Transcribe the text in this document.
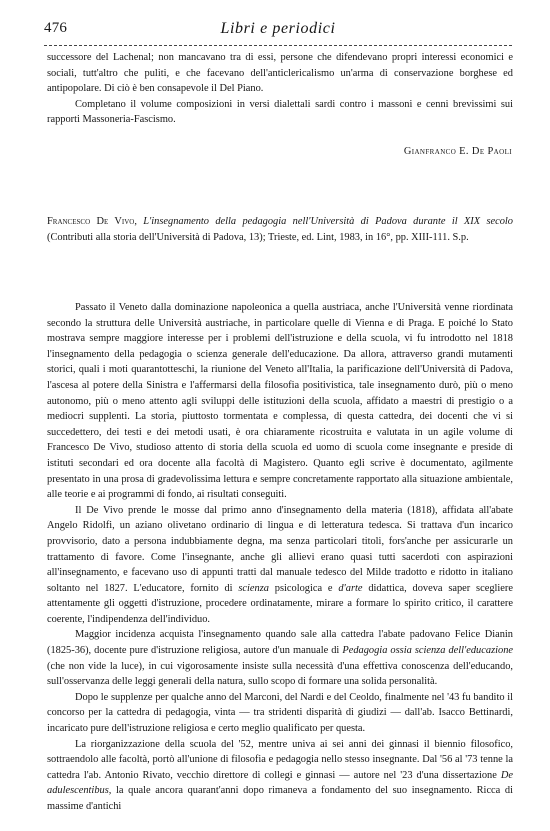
476	Libri e periodici

successore del Lachenal; non mancavano tra di essi, persone che difendevano propri interessi economici e sociali, tutt'altro che puliti, e che facevano dell'anticlericalismo un'arma di conservazione borghese ed antipopolare. Di ciò è ben consapevole il Del Piano.

Completano il volume composizioni in versi dialettali sardi contro i massoni e cenni brevissimi sui rapporti Massoneria-Fascismo.

Gianfranco E. De Paoli

Francesco De Vivo, L'insegnamento della pedagogia nell'Università di Padova durante il XIX secolo (Contributi alla storia dell'Università di Padova, 13); Trieste, ed. Lint, 1983, in 16°, pp. XIII-111. S.p.

Passato il Veneto dalla dominazione napoleonica a quella austriaca, anche l'Università venne riordinata secondo la struttura delle Università austriache, in particolare quelle di Vienna e di Praga. E poiché lo Stato mostrava sempre maggiore interesse per i problemi dell'istruzione e della scuola, vi fu introdotto nel 1818 l'insegnamento della pedagogia o scienza generale dell'educazione. Da allora, attraverso grandi mutamenti storici, quali i moti quarantotteschi, la riunione del Veneto all'Italia, la parificazione dell'Università di Padova, l'ascesa al potere della Sinistra e l'affermarsi della filosofia positivistica, tale insegnamento durò, più o meno autonomo, più o meno attento agli sviluppi delle istituzioni della scuola, affidato a maestri di prestigio o a mediocri supplenti. La storia, piuttosto tormentata e complessa, di questa cattedra, dei docenti che vi si succedettero, dei testi e dei metodi usati, è ora chiaramente ricostruita e valutata in un agile volume di Francesco De Vivo, studioso attento di storia della scuola ed uomo di scuola come insegnante e preside di istituti secondari ed ora docente alla facoltà di Magistero. Quanto egli scrive è documentato, agilmente presentato in una prosa di gradevolissima lettura e sempre concretamente rapportato alla situazione ambientale, alle teorie e ai programmi di fondo, ai risultati conseguiti.

Il De Vivo prende le mosse dal primo anno d'insegnamento della materia (1818), affidata all'abate Angelo Ridolfi, un aziano olivetano ordinario di lingua e di letteratura tedesca. Si trattava d'un incarico provvisorio, dato a persona indubbiamente degna, ma senza particolari titoli, fors'anche per assicurarle un trattamento di favore. Come l'insegnante, anche gli allievi erano quasi tutti sacerdoti con aspirazioni all'insegnamento, e facevano uso di appunti tratti dal manuale tedesco del Milde tradotto e ridotto in italiano soltanto nel 1827. L'educatore, fornito di scienza psicologica e d'arte didattica, doveva saper scegliere attentamente gli oggetti d'istruzione, procedere ordinatamente, mirare a formare lo spirito critico, il carattere coerente, l'indipendenza dell'individuo.

Maggior incidenza acquista l'insegnamento quando sale alla cattedra l'abate padovano Felice Dianin (1825-36), docente pure d'istruzione religiosa, autore d'un manuale di Pedagogia ossia scienza dell'educazione (che non vide la luce), in cui vigorosamente insiste sulla necessità d'una effettiva conoscenza dell'educando, sull'osservanza delle leggi generali della natura, sullo scopo di formare una solida personalità.

Dopo le supplenze per qualche anno del Marconi, del Nardi e del Ceoldo, finalmente nel '43 fu bandito il concorso per la cattedra di pedagogia, vinta — tra stridenti disparità di giudizi — dall'ab. Isacco Bettinardi, incaricato pure dell'istruzione religiosa e certo meglio qualificato per questa.

La riorganizzazione della scuola del '52, mentre univa ai sei anni dei ginnasi il biennio filosofico, sottraendolo alle facoltà, portò all'unione di filosofia e pedagogia nello stesso insegnante. Dal '56 al '73 tenne la cattedra l'ab. Antonio Rivato, vecchio direttore di collegi e ginnasi — autore nel '23 d'una dissertazione De adulescentibus, la quale ancora quarant'anni dopo rimaneva a fondamento del suo insegnamento. Ricca di massime d'antichi
